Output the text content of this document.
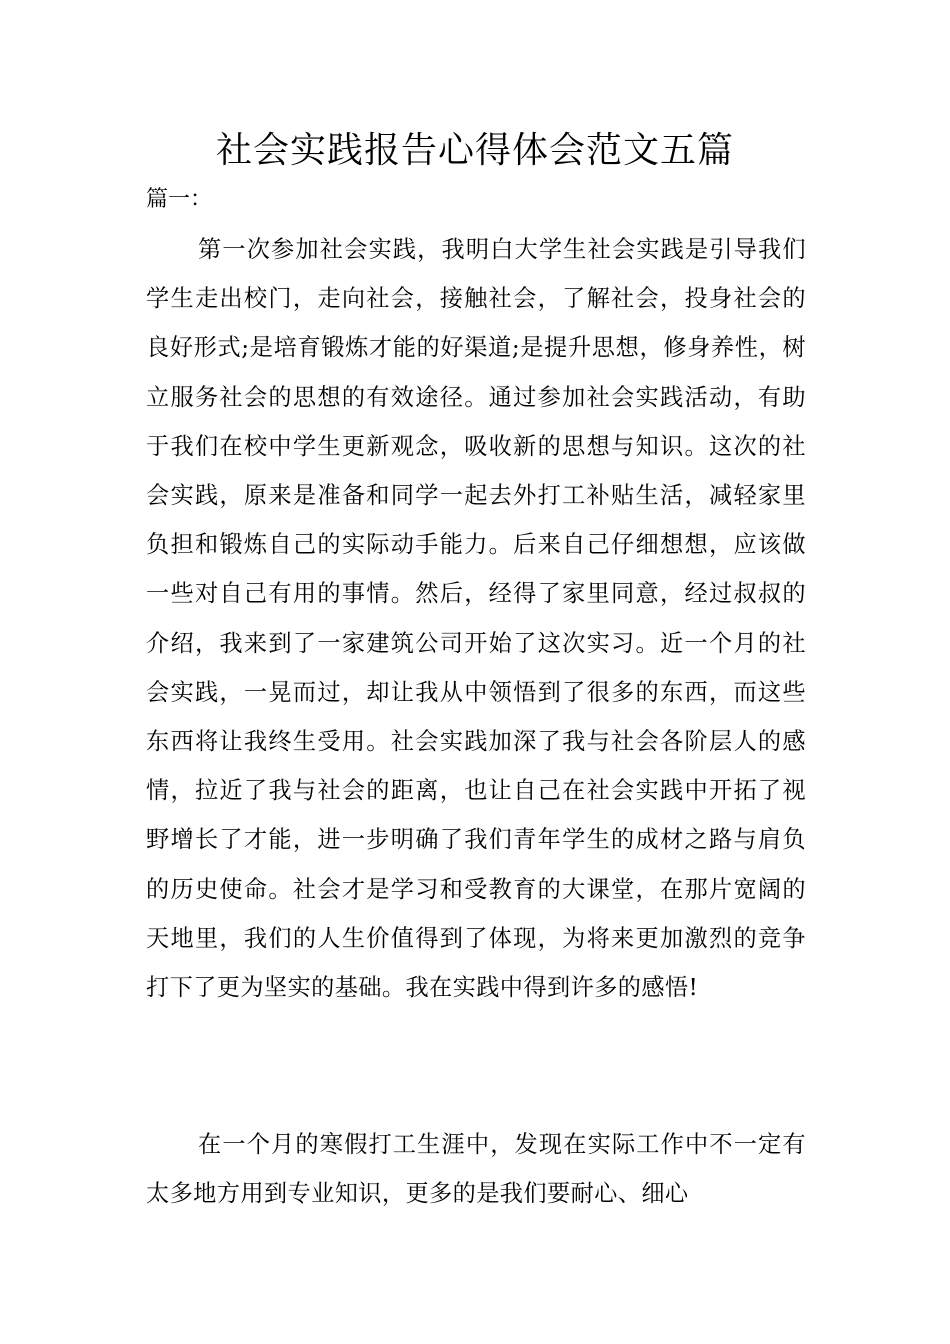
社会实践报告心得体会范文五篇

篇一：

第一次参加社会实践，我明白大学生社会实践是引导我们学生走出校门，走向社会，接触社会，了解社会，投身社会的良好形式;是培育锻炼才能的好渠道;是提升思想，修身养性，树立服务社会的思想的有效途径。通过参加社会实践活动，有助于我们在校中学生更新观念，吸收新的思想与知识。这次的社会实践，原来是准备和同学一起去外打工补贴生活，减轻家里负担和锻炼自己的实际动手能力。后来自己仔细想想，应该做一些对自己有用的事情。然后，经得了家里同意，经过叔叔的介绍，我来到了一家建筑公司开始了这次实习。近一个月的社会实践，一晃而过，却让我从中领悟到了很多的东西，而这些东西将让我终生受用。社会实践加深了我与社会各阶层人的感情，拉近了我与社会的距离，也让自己在社会实践中开拓了视野增长了才能，进一步明确了我们青年学生的成材之路与肩负的历史使命。社会才是学习和受教育的大课堂，在那片宽阔的天地里，我们的人生价值得到了体现，为将来更加激烈的竞争打下了更为坚实的基础。我在实践中得到许多的感悟!

在一个月的寒假打工生涯中，发现在实际工作中不一定有太多地方用到专业知识，更多的是我们要耐心、细心
